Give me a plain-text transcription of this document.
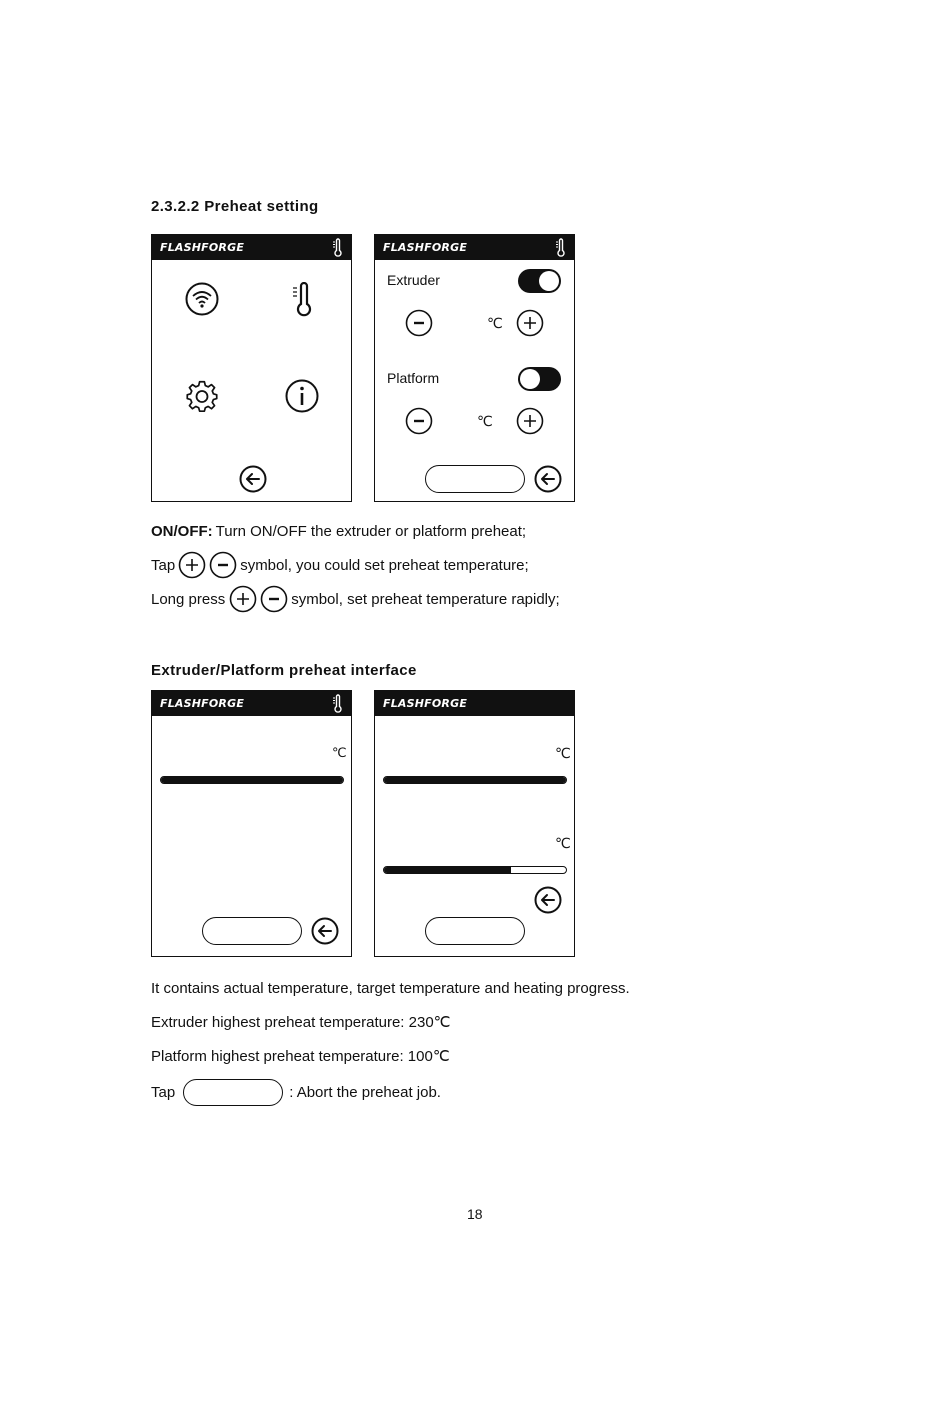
2.3.2.2 Preheat setting
FLASHFORGE	FLASHFORGE
Extruder
℃
Platform
℃
ON/OFF: Turn ON/OFF the extruder or platform preheat;
Tap	symbol, you could set preheat temperature;
Long press	symbol, set preheat temperature rapidly;
Extruder/Platform preheat interface
FLASHFORGE
℃
FLASHFORGE
℃
℃
It contains actual temperature, target temperature and heating progress.
Extruder highest preheat temperature: 230℃
Platform highest preheat temperature: 100℃
Tap	: Abort the preheat job.
18
